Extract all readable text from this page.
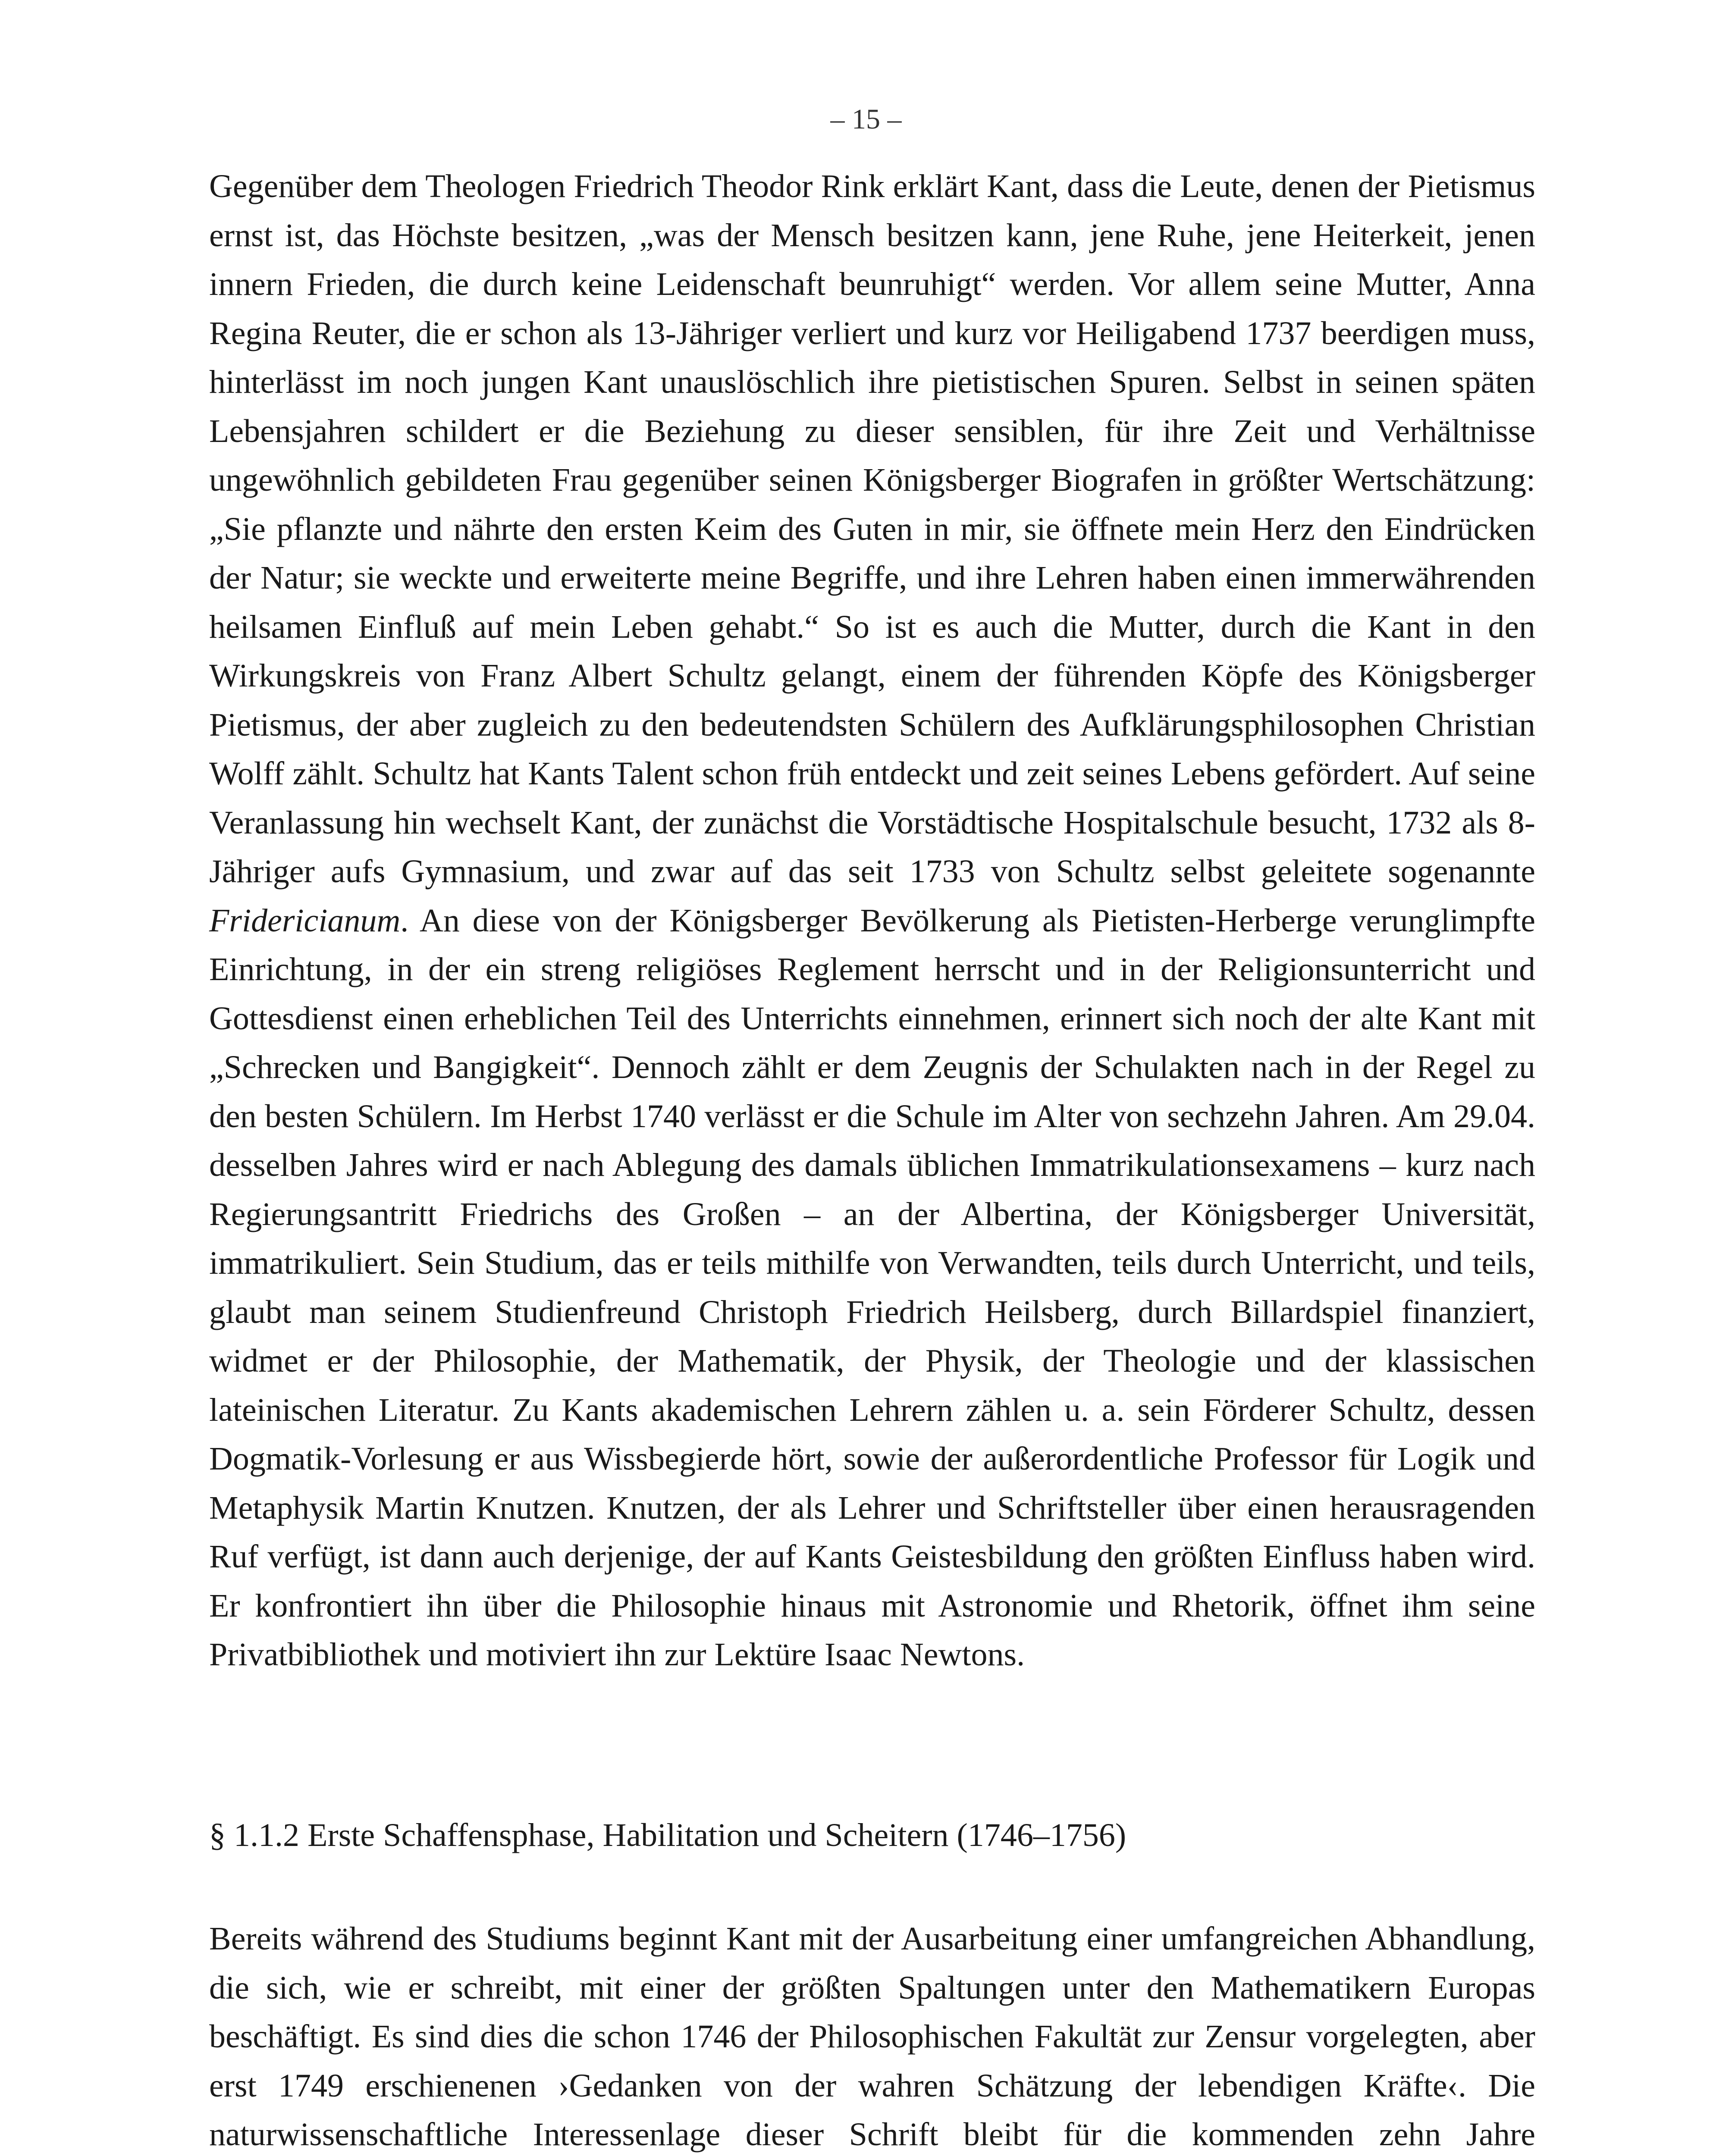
– 15 –

Gegenüber dem Theologen Friedrich Theodor Rink erklärt Kant, dass die Leute, denen der Pietismus ernst ist, das Höchste besitzen, „was der Mensch besitzen kann, jene Ruhe, jene Heiterkeit, jenen innern Frieden, die durch keine Leidenschaft beunruhigt“ werden. Vor allem seine Mutter, Anna Regina Reuter, die er schon als 13-Jähriger verliert und kurz vor Heiligabend 1737 beerdigen muss, hinterlässt im noch jungen Kant unauslöschlich ihre pietistischen Spuren. Selbst in seinen späten Lebensjahren schildert er die Beziehung zu dieser sensiblen, für ihre Zeit und Verhältnisse ungewöhnlich gebildeten Frau gegenüber seinen Königsberger Biografen in größter Wertschätzung: „Sie pflanzte und nährte den ersten Keim des Guten in mir, sie öffnete mein Herz den Eindrücken der Natur; sie weckte und erweiterte meine Begriffe, und ihre Lehren haben einen immerwährenden heilsamen Einfluß auf mein Leben gehabt.“ So ist es auch die Mutter, durch die Kant in den Wirkungskreis von Franz Albert Schultz gelangt, einem der führenden Köpfe des Königsberger Pietismus, der aber zugleich zu den bedeutendsten Schülern des Aufklärungsphilosophen Christian Wolff zählt. Schultz hat Kants Talent schon früh entdeckt und zeit seines Lebens gefördert. Auf seine Veranlassung hin wechselt Kant, der zunächst die Vorstädtische Hospitalschule besucht, 1732 als 8-Jähriger aufs Gymnasium, und zwar auf das seit 1733 von Schultz selbst geleitete sogenannte Fridericianum. An diese von der Königsberger Bevölkerung als Pietisten-Herberge verunglimpfte Einrichtung, in der ein streng religiöses Reglement herrscht und in der Religionsunterricht und Gottesdienst einen erheblichen Teil des Unterrichts einnehmen, erinnert sich noch der alte Kant mit „Schrecken und Bangigkeit“. Dennoch zählt er dem Zeugnis der Schulakten nach in der Regel zu den besten Schülern. Im Herbst 1740 verlässt er die Schule im Alter von sechzehn Jahren. Am 29.04. desselben Jahres wird er nach Ablegung des damals üblichen Immatrikulationsexamens – kurz nach Regierungsantritt Friedrichs des Großen – an der Albertina, der Königsberger Universität, immatrikuliert. Sein Studium, das er teils mithilfe von Verwandten, teils durch Unterricht, und teils, glaubt man seinem Studienfreund Christoph Friedrich Heilsberg, durch Billardspiel finanziert, widmet er der Philosophie, der Mathematik, der Physik, der Theologie und der klassischen lateinischen Literatur. Zu Kants akademischen Lehrern zählen u. a. sein Förderer Schultz, dessen Dogmatik-Vorlesung er aus Wissbegierde hört, sowie der außerordentliche Professor für Logik und Metaphysik Martin Knutzen. Knutzen, der als Lehrer und Schriftsteller über einen herausragenden Ruf verfügt, ist dann auch derjenige, der auf Kants Geistesbildung den größten Einfluss haben wird. Er konfrontiert ihn über die Philosophie hinaus mit Astronomie und Rhetorik, öffnet ihm seine Privatbibliothek und motiviert ihn zur Lektüre Isaac Newtons.

§ 1.1.2 Erste Schaffensphase, Habilitation und Scheitern (1746–1756)

Bereits während des Studiums beginnt Kant mit der Ausarbeitung einer umfangreichen Abhandlung, die sich, wie er schreibt, mit einer der größten Spaltungen unter den Mathematikern Europas beschäftigt. Es sind dies die schon 1746 der Philosophischen Fakultät zur Zensur vorgelegten, aber erst 1749 erschienenen ›Gedanken von der wahren Schätzung der lebendigen Kräfte‹. Die naturwissenschaftliche Interessenlage dieser Schrift bleibt für die kommenden zehn Jahre
